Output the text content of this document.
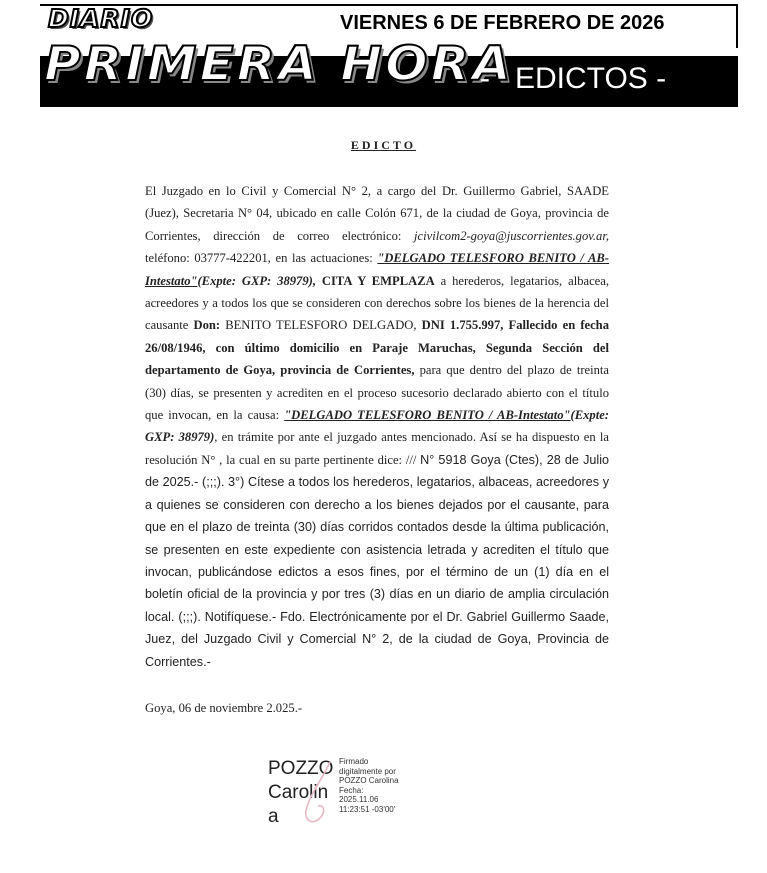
DIARIO	VIERNES 6 DE FEBRERO DE 2026
PRIMERA HORA
-   EDICTOS -
EDICTO
El Juzgado en lo Civil y Comercial N° 2, a cargo del Dr. Guillermo Gabriel, SAADE (Juez), Secretaria N° 04, ubicado en calle Colón 671, de la ciudad de Goya, provincia de Corrientes, dirección de correo electrónico: jcivilcom2-goya@juscorrientes.gov.ar, teléfono: 03777-422201, en las actuaciones: "DELGADO TELESFORO BENITO / AB-Intestato"(Expte: GXP: 38979), CITA Y EMPLAZA a herederos, legatarios, albacea, acreedores y a todos los que se consideren con derechos sobre los bienes de la herencia del causante Don: BENITO TELESFORO DELGADO, DNI 1.755.997, Fallecido en fecha 26/08/1946, con último domicilio en Paraje Maruchas, Segunda Sección del departamento de Goya, provincia de Corrientes, para que dentro del plazo de treinta (30) días, se presenten y acrediten en el proceso sucesorio declarado abierto con el título que invocan, en la causa: "DELGADO TELESFORO BENITO / AB-Intestato"(Expte: GXP: 38979), en trámite por ante el juzgado antes mencionado. Así se ha dispuesto en la resolución N° , la cual en su parte pertinente dice: /// N° 5918 Goya (Ctes), 28 de Julio de 2025.- (;;;). 3°) Cítese a todos los herederos, legatarios, albaceas, acreedores y a quienes se consideren con derecho a los bienes dejados por el causante, para que en el plazo de treinta (30) días corridos contados desde la última publicación, se presenten en este expediente con asistencia letrada y acrediten el título que invocan, publicándose edictos a esos fines, por el término de un (1) día en el boletín oficial de la provincia y por tres (3) días en un diario de amplia circulación local. (;;;). Notifíquese.- Fdo. Electrónicamente por el Dr. Gabriel Guillermo Saade, Juez, del Juzgado Civil y Comercial N° 2, de la ciudad de Goya, Provincia de Corrientes.-
Goya, 06 de noviembre 2.025.-
POZZO
Carolin
a
Firmado
digitalmente por
POZZO Carolina
Fecha:
2025.11.06
11:23:51 -03'00'
